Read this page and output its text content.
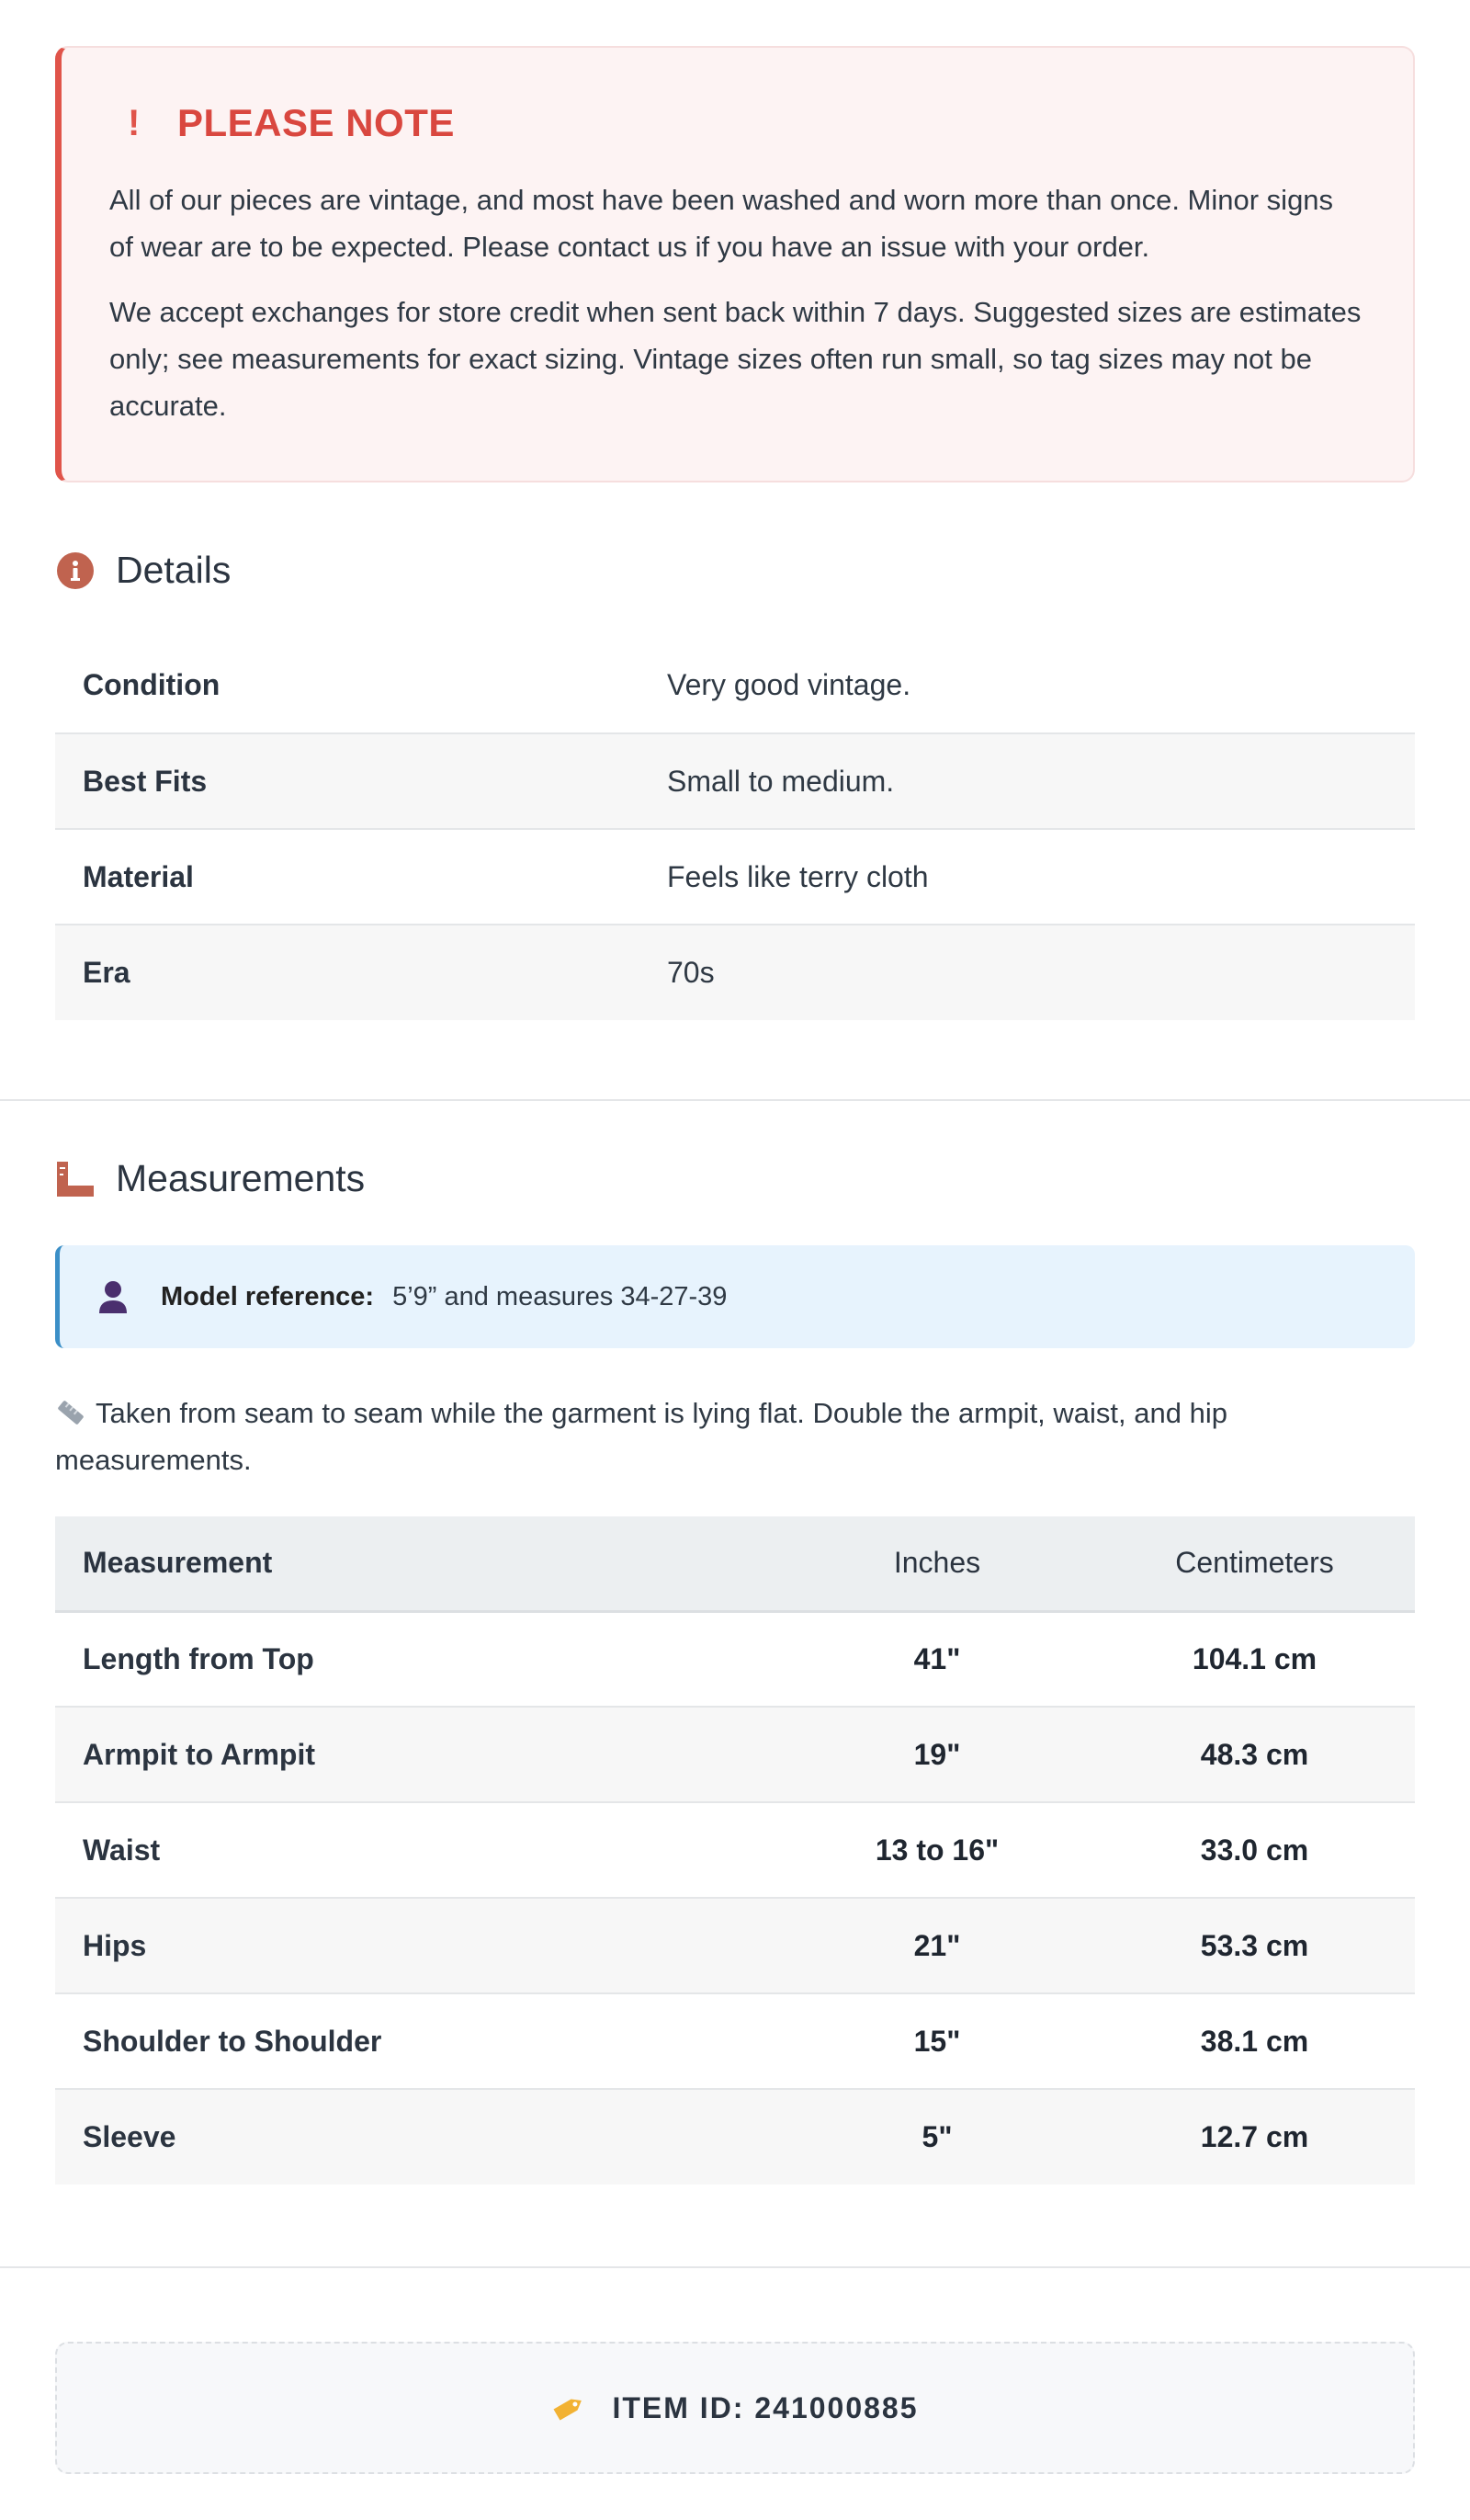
! PLEASE NOTE

All of our pieces are vintage, and most have been washed and worn more than once. Minor signs of wear are to be expected. Please contact us if you have an issue with your order.

We accept exchanges for store credit when sent back within 7 days. Suggested sizes are estimates only; see measurements for exact sizing. Vintage sizes often run small, so tag sizes may not be accurate.

Details
Condition	Very good vintage.
Best Fits	Small to medium.
Material	Feels like terry cloth
Era	70s
Measurements
Model reference: 5’9” and measures 34-27-39
Taken from seam to seam while the garment is lying flat. Double the armpit, waist, and hip measurements.
Measurement	Inches	Centimeters
Length from Top	41"	104.1 cm
Armpit to Armpit	19"	48.3 cm
Waist	13 to 16"	33.0 cm
Hips	21"	53.3 cm
Shoulder to Shoulder	15"	38.1 cm
Sleeve	5"	12.7 cm
ITEM ID: 241000885
